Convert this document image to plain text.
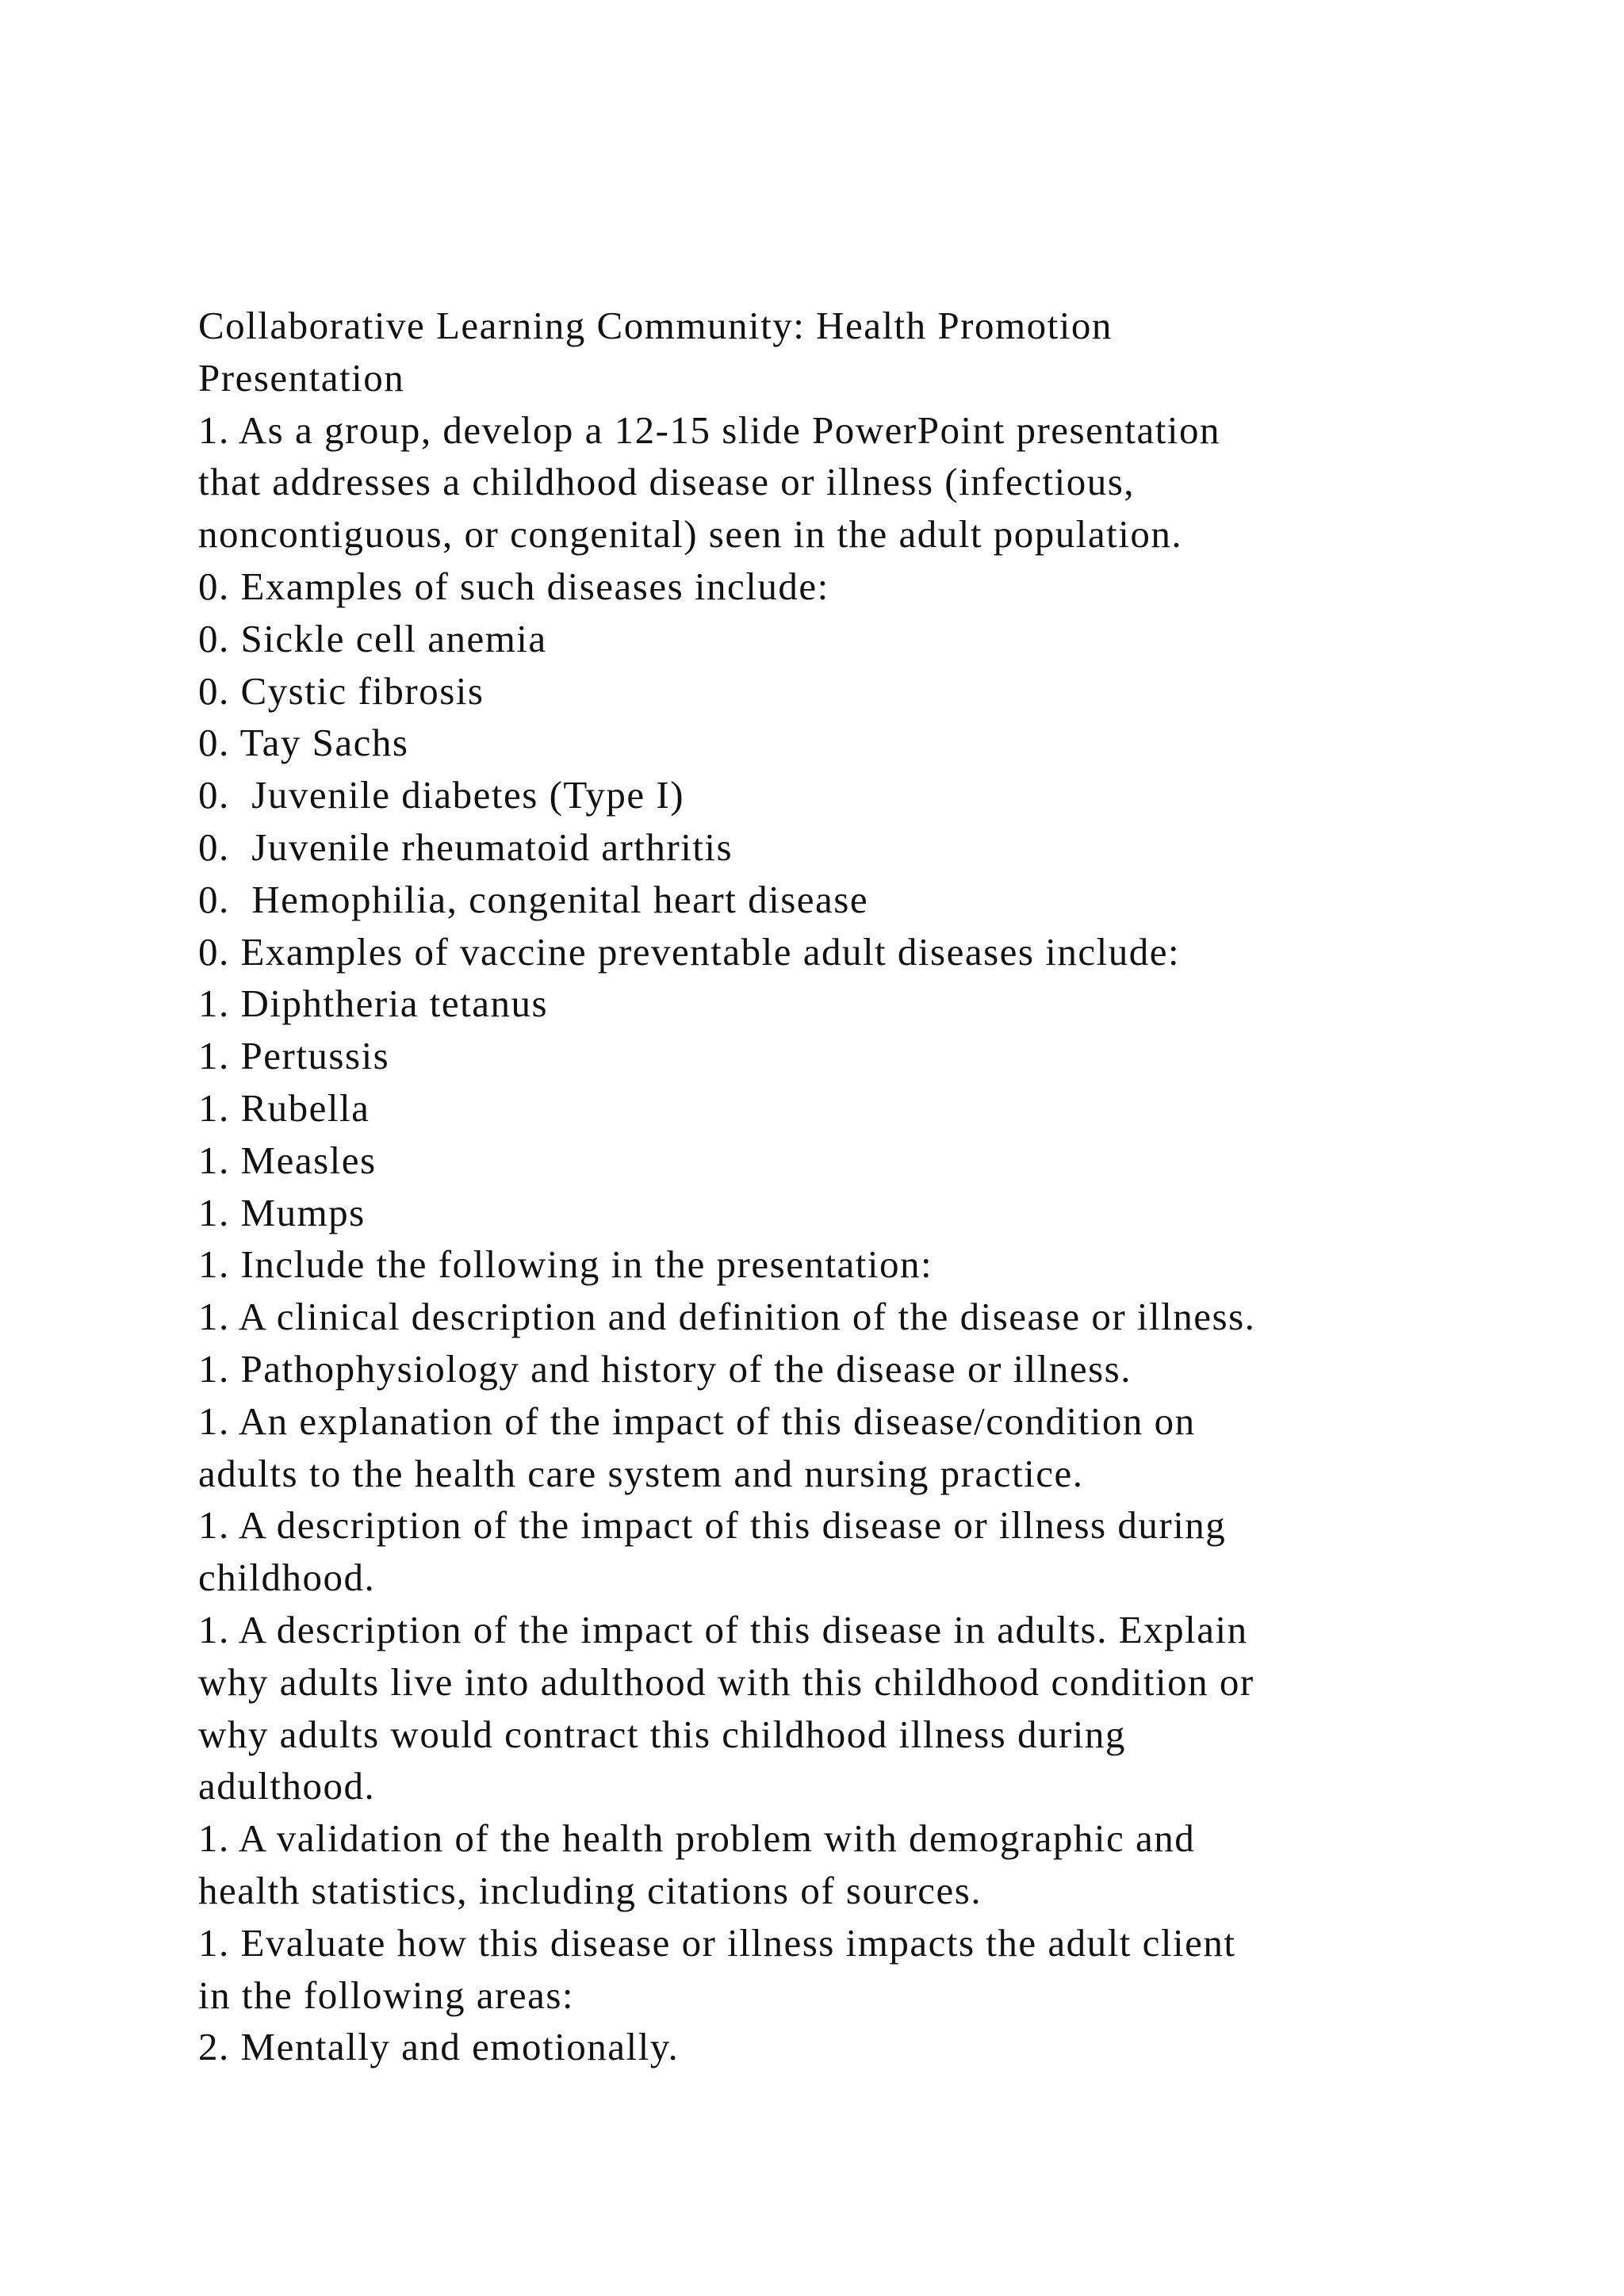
Collaborative Learning Community: Health Promotion
Presentation
1. As a group, develop a 12-15 slide PowerPoint presentation
that addresses a childhood disease or illness (infectious,
noncontiguous, or congenital) seen in the adult population.
0. Examples of such diseases include:
0. Sickle cell anemia
0. Cystic fibrosis
0. Tay Sachs
0.  Juvenile diabetes (Type I)
0.  Juvenile rheumatoid arthritis
0.  Hemophilia, congenital heart disease
0. Examples of vaccine preventable adult diseases include:
1. Diphtheria tetanus
1. Pertussis
1. Rubella
1. Measles
1. Mumps
1. Include the following in the presentation:
1. A clinical description and definition of the disease or illness.
1. Pathophysiology and history of the disease or illness.
1. An explanation of the impact of this disease/condition on
adults to the health care system and nursing practice.
1. A description of the impact of this disease or illness during
childhood.
1. A description of the impact of this disease in adults. Explain
why adults live into adulthood with this childhood condition or
why adults would contract this childhood illness during
adulthood.
1. A validation of the health problem with demographic and
health statistics, including citations of sources.
1. Evaluate how this disease or illness impacts the adult client
in the following areas:
2. Mentally and emotionally.
